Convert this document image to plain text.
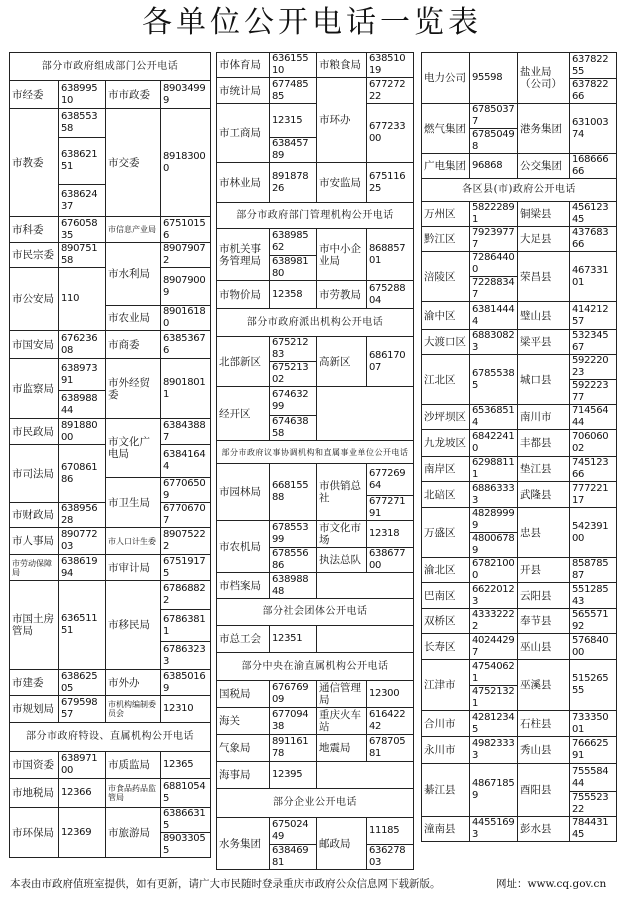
各单位公开电话一览表
部分市政府组成部门公开电话			
市经委	63899510	市市政委	89034999
市教委	63855358	市交委	89183000
	63862151		
	63862437		
市科委	67605835	市信息产业局	67510156
市民宗委	89075158	市水利局	89079072
市公安局	110		89079009
		市农业局	89016180
市国安局	67623608	市商委	63853676
市监察局	63897391	市外经贸委	89018011
	63898844		
市民政局	89188000	市文化广电局	63843887
市司法局	67086186		63841644
		市卫生局	67706509
市财政局	63895628		67706707
市人事局	89077203	市人口计生委	89075222
市劳动保障局	63861994	市审计局	67519175
市国土房管局	63651151	市移民局	67868822
			67863811
			67863233
市建委	63862505	市外办	63850169
市规划局	67959857	市机构编制委员会	12310
部分市政府特设、直属机构公开电话			
市国资委	63897100	市质监局	12365
市地税局	12366	市食品药品监管局	68810545
市环保局	12369	市旅游局	63866315
			89033055
市体育局	63615510	市粮食局	63851019
市统计局	67748585	市环办	67727222
市工商局	12315		67723300
	63845789		
市林业局	89187826	市安监局	67511625

部分市政府部门管理机构公开电话			
市机关事务管理局	63898562	市中小企业局	86885701
	63898180		
市物价局	12358	市劳教局	67528804
部分市政府派出机构公开电话			
北部新区	67521283	高新区	68617007
	67521302		
经开区	67463299		
	67463858		
部分市政府议事协调机构和直属事业单位公开电话			
市园林局	66815588	市供销总社	67726964
			67727191
市农机局	67855399	市文化市场	12318
	67855686	执法总队	63867700
市档案局	63898848		
部分社会团体公开电话			
市总工会	12351		
部分中央在渝直属机构公开电话			
国税局	67676909	通信管理局	12300
海关	67709438	重庆火车站	61642242
气象局	89116178	地震局	67870581
海事局	12395		
部分企业公开电话			
水务集团	67502449	邮政局	11185
	63846981		63627803
电力公司	95598	盐业局（公司）	63782255
			63782266
燃气集团	67850377	港务集团	63100374
	67850498		
广电集团	96868	公交集团	16866666
各区县(市)政府公开电话			
万州区	58222891	铜梁县	45612345
黔江区	79239777	大足县	43768366
涪陵区	72864400	荣昌县	46733101
	72288347		
渝中区	63814444	璧山县	41421257
大渡口区	68830823	梁平县	53234567
江北区	67855385	城口县	59222023
			59222377
沙坪坝区	65368514	南川市	71456444
九龙坡区	68422410	丰都县	70606002
南岸区	62988111	垫江县	74512366
北碚区	68863333	武隆县	77722117
万盛区	48289999	忠县	54239100
	48006789		
渝北区	67821000	开县	85878587
巴南区	66220123	云阳县	55128543
双桥区	43332222	奉节县	56557192
长寿区	40244297	巫山县	57684000
江津市	47540621	巫溪县	51526555
	47521321		
合川市	42812345	石柱县	73335001
永川市	49823333	秀山县	76662591
綦江县	48671859	酉阳县	75558444
			75552322
潼南县	44551693	彭水县	78443145
本表由市政府值班室提供，如有更新，请广大市民随时登录重庆市政府公众信息网下载新版。	网址：www.cq.gov.cn
